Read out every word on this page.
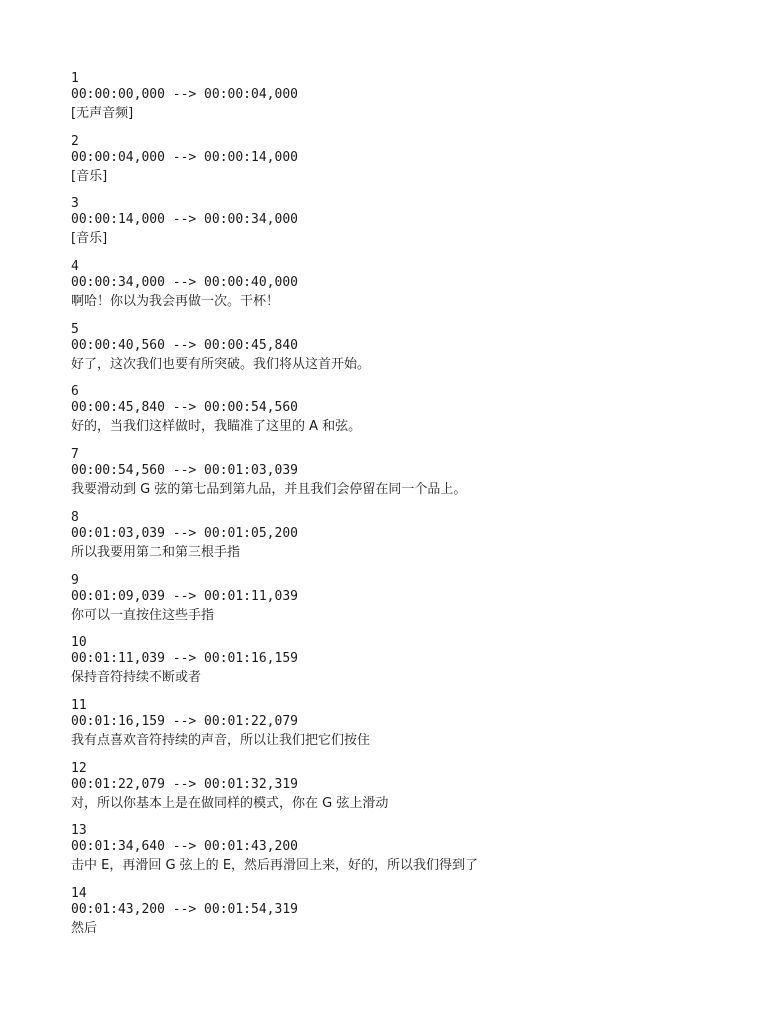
1
00:00:00,000 --> 00:00:04,000
[无声音频]
2
00:00:04,000 --> 00:00:14,000
[音乐]
3
00:00:14,000 --> 00:00:34,000
[音乐]
4
00:00:34,000 --> 00:00:40,000
啊哈！你以为我会再做一次。干杯！
5
00:00:40,560 --> 00:00:45,840
好了，这次我们也要有所突破。我们将从这首开始。
6
00:00:45,840 --> 00:00:54,560
好的，当我们这样做时，我瞄准了这里的 A 和弦。
7
00:00:54,560 --> 00:01:03,039
我要滑动到 G 弦的第七品到第九品，并且我们会停留在同一个品上。
8
00:01:03,039 --> 00:01:05,200
所以我要用第二和第三根手指
9
00:01:09,039 --> 00:01:11,039
你可以一直按住这些手指
10
00:01:11,039 --> 00:01:16,159
保持音符持续不断或者
11
00:01:16,159 --> 00:01:22,079
我有点喜欢音符持续的声音，所以让我们把它们按住
12
00:01:22,079 --> 00:01:32,319
对，所以你基本上是在做同样的模式，你在 G 弦上滑动
13
00:01:34,640 --> 00:01:43,200
击中 E，再滑回 G 弦上的 E，然后再滑回上来，好的，所以我们得到了
14
00:01:43,200 --> 00:01:54,319
然后
